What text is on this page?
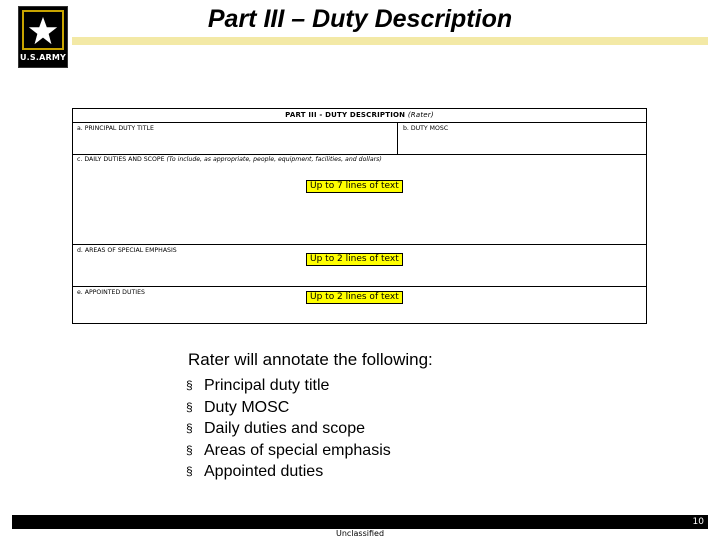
U.S.ARMY
Part III – Duty Description
PART III - DUTY DESCRIPTION (Rater)
a. PRINCIPAL DUTY TITLE	b. DUTY MOSC
c. DAILY DUTIES AND SCOPE (To include, as appropriate, people, equipment, facilities, and dollars)
d. AREAS OF SPECIAL EMPHASIS
e. APPOINTED DUTIES
Up to 7 lines of text
Up to 2 lines of text
Up to 2 lines of text
Rater will annotate the following:
§ Principal duty title
§ Duty MOSC
§ Daily duties and scope
§ Areas of special emphasis
§ Appointed duties
10
Unclassified
